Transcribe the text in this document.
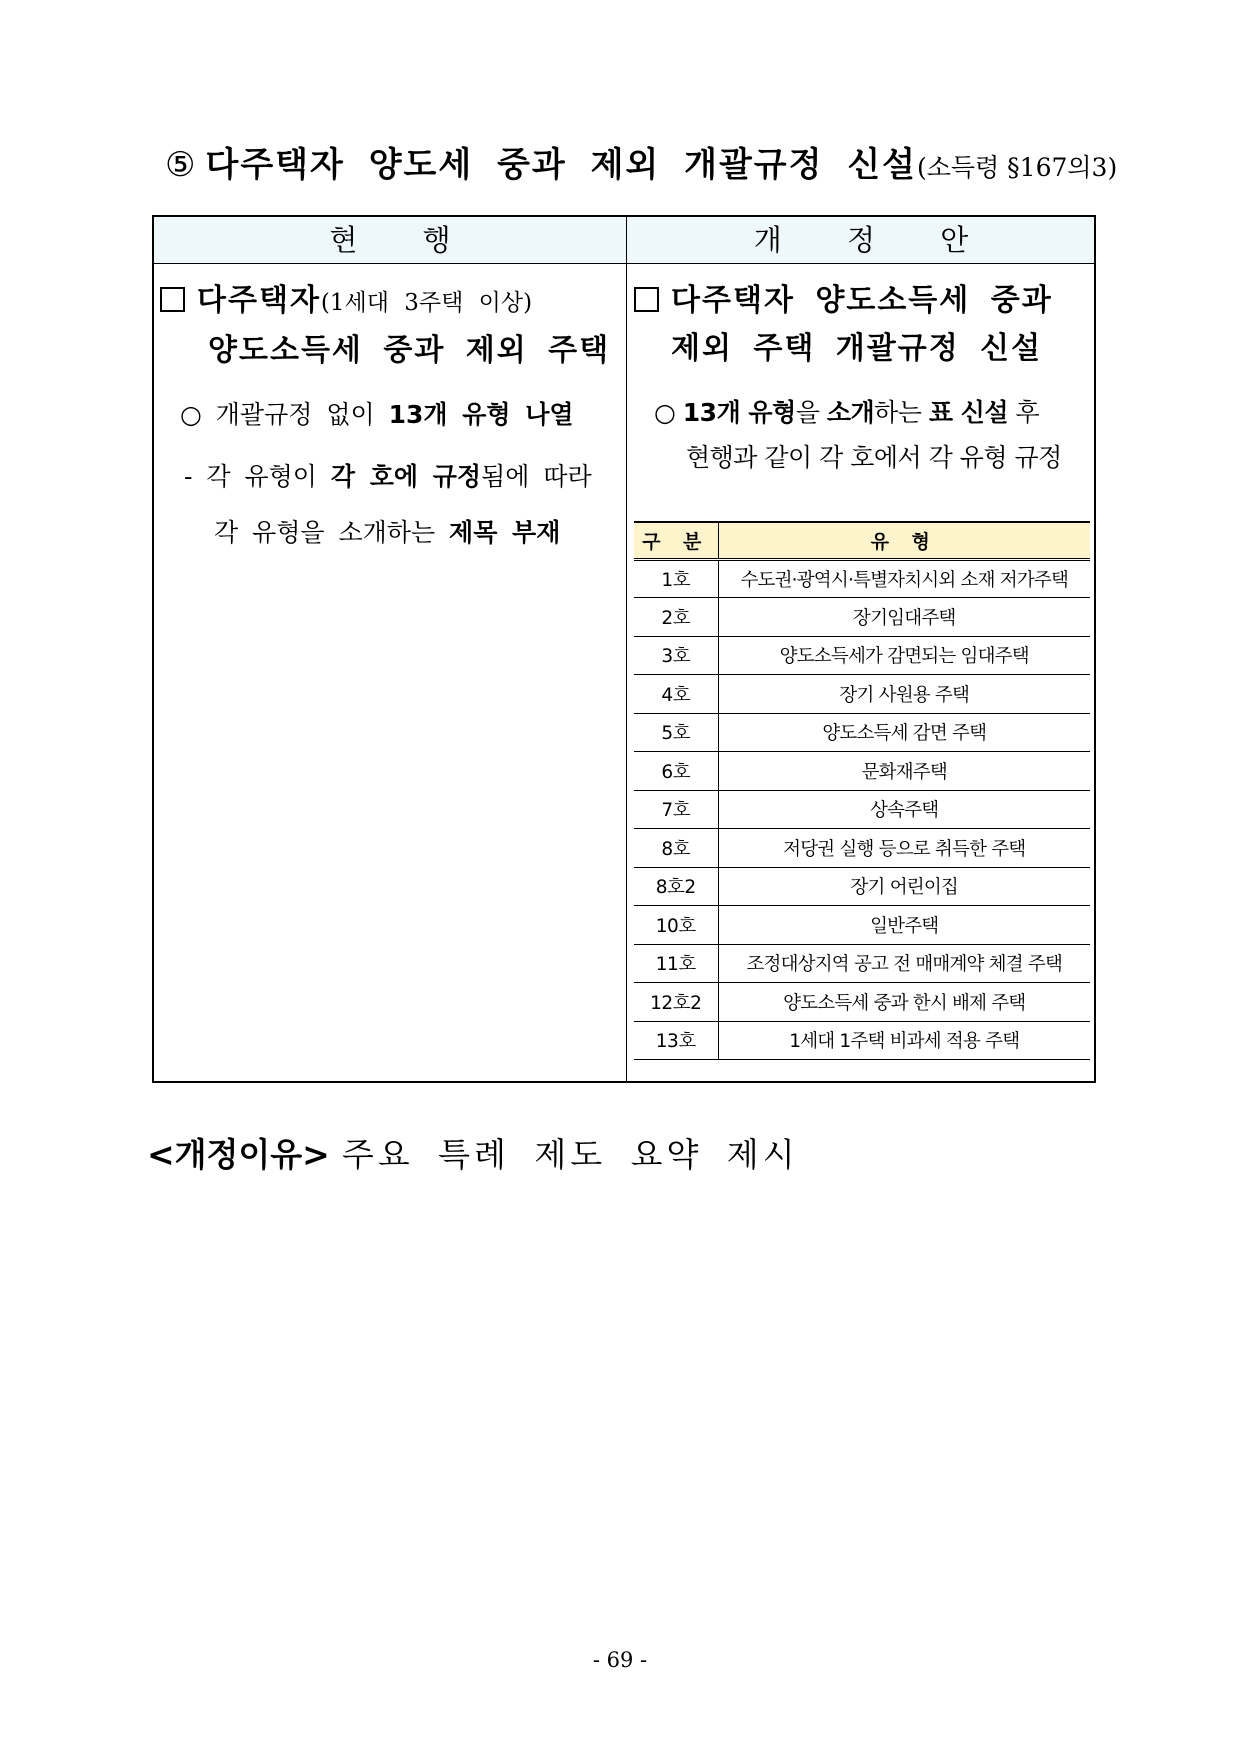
⑤ 다주택자 양도세 중과 제외 개괄규정 신설(소득령 §167의3)
현 행	개 정 안
다주택자(1세대 3주택 이상)
양도소득세 중과 제외 주택
○ 개괄규정 없이 13개 유형 나열
- 각 유형이 각 호에 규정됨에 따라
각 유형을 소개하는 제목 부재
다주택자 양도소득세 중과
제외 주택 개괄규정 신설
○ 13개 유형을 소개하는 표 신설 후
현행과 같이 각 호에서 각 유형 규정
구 분	유 형
1호	수도권·광역시·특별자치시외 소재 저가주택
2호	장기임대주택
3호	양도소득세가 감면되는 임대주택
4호	장기 사원용 주택
5호	양도소득세 감면 주택
6호	문화재주택
7호	상속주택
8호	저당권 실행 등으로 취득한 주택
8호2	장기 어린이집
10호	일반주택
11호	조정대상지역 공고 전 매매계약 체결 주택
12호2	양도소득세 중과 한시 배제 주택
13호	1세대 1주택 비과세 적용 주택
<개정이유> 주요 특례 제도 요약 제시
- 69 -
